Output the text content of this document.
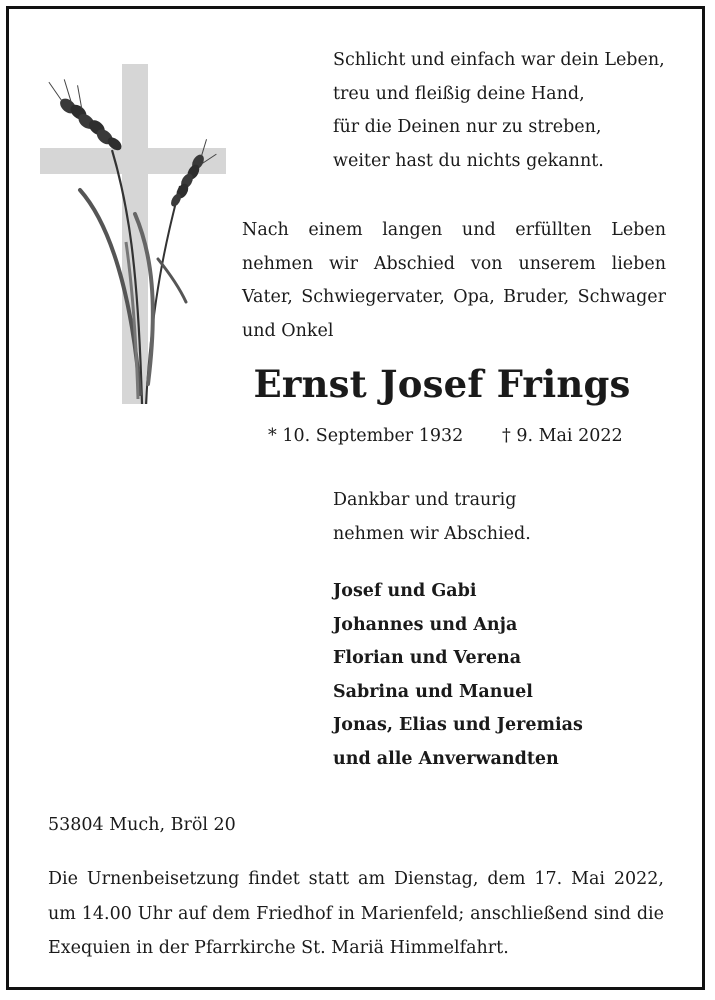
Schlicht und einfach war dein Leben,
treu und fleißig deine Hand,
für die Deinen nur zu streben,
weiter hast du nichts gekannt.
Nach einem langen und erfüllten Leben nehmen wir Abschied von unserem lieben Vater, Schwiegervater, Opa, Bruder, Schwager und Onkel
Ernst Josef Frings
* 10. September 1932 † 9. Mai 2022
Dankbar und traurig
nehmen wir Abschied.
Josef und Gabi
Johannes und Anja
Florian und Verena
Sabrina und Manuel
Jonas, Elias und Jeremias
und alle Anverwandten
53804 Much, Bröl 20
Die Urnenbeisetzung findet statt am Dienstag, dem 17. Mai 2022, um 14.00 Uhr auf dem Friedhof in Marienfeld; anschließend sind die Exequien in der Pfarrkirche St. Mariä Himmelfahrt.
